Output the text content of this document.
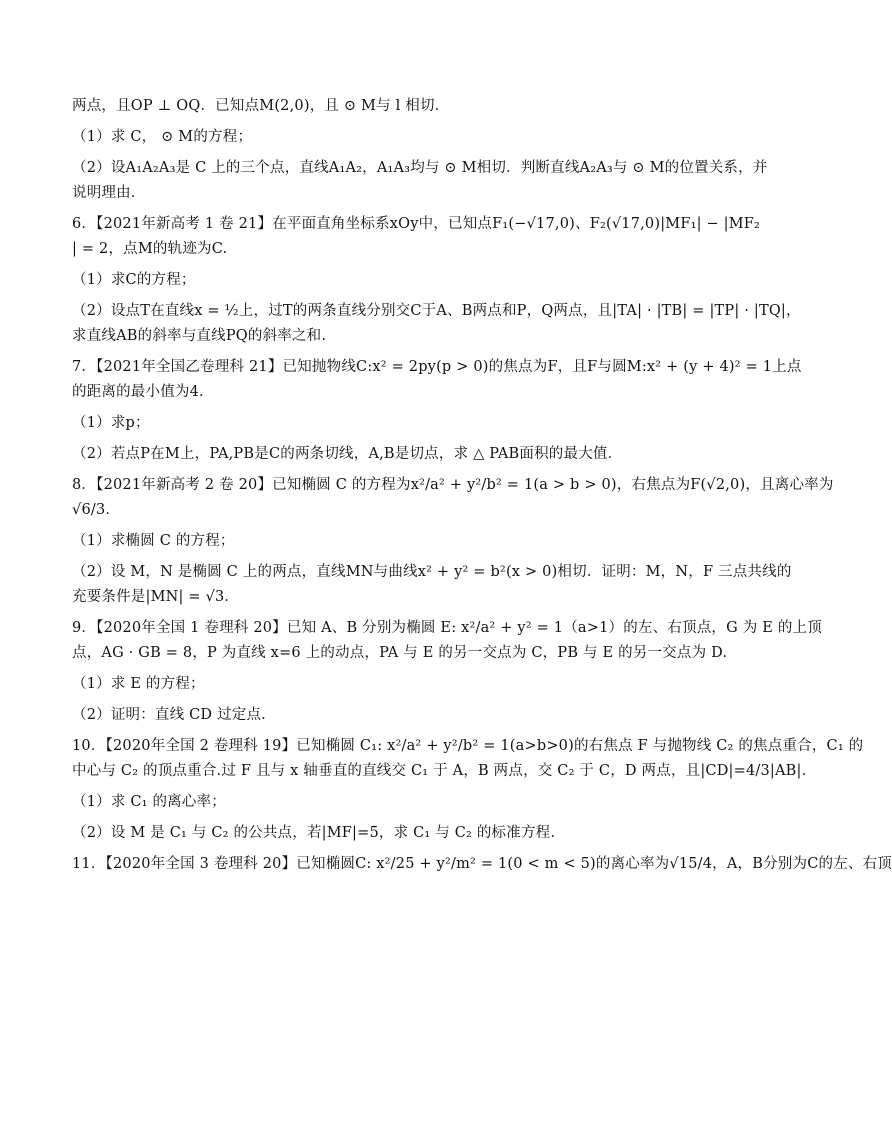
两点，且OP ⊥ OQ．已知点M(2,0)，且 ⊙ M与 l 相切．
（1）求 C， ⊙ M的方程；
（2）设A₁A₂A₃是 C 上的三个点，直线A₁A₂，A₁A₃均与 ⊙ M相切．判断直线A₂A₃与 ⊙ M的位置关系，并
说明理由．
6．【2021年新高考 1 卷 21】在平面直角坐标系xOy中，已知点F₁(−√17,0)、F₂(√17,0)|MF₁| − |MF₂
| = 2，点M的轨迹为C.
（1）求C的方程；
（2）设点T在直线x = ½上，过T的两条直线分别交C于A、B两点和P，Q两点，且|TA| · |TB| = |TP| · |TQ|，
求直线AB的斜率与直线PQ的斜率之和.
7．【2021年全国乙卷理科 21】已知抛物线C:x² = 2py(p > 0)的焦点为F，且F与圆M:x² + (y + 4)² = 1上点
的距离的最小值为4．
（1）求p；
（2）若点P在M上，PA,PB是C的两条切线，A,B是切点，求 △ PAB面积的最大值．
8．【2021年新高考 2 卷 20】已知椭圆 C 的方程为x²/a² + y²/b² = 1(a > b > 0)，右焦点为F(√2,0)，且离心率为
√6/3．
（1）求椭圆 C 的方程；
（2）设 M，N 是椭圆 C 上的两点，直线MN与曲线x² + y² = b²(x > 0)相切．证明：M，N，F 三点共线的
充要条件是|MN| = √3．
9．【2020年全国 1 卷理科 20】已知 A、B 分别为椭圆 E: x²/a² + y² = 1（a>1）的左、右顶点，G 为 E 的上顶
点，AG · GB = 8，P 为直线 x=6 上的动点，PA 与 E 的另一交点为 C，PB 与 E 的另一交点为 D.
（1）求 E 的方程；
（2）证明：直线 CD 过定点.
10．【2020年全国 2 卷理科 19】已知椭圆 C₁: x²/a² + y²/b² = 1(a>b>0)的右焦点 F 与抛物线 C₂ 的焦点重合，C₁ 的
中心与 C₂ 的顶点重合.过 F 且与 x 轴垂直的直线交 C₁ 于 A，B 两点，交 C₂ 于 C，D 两点，且|CD|=4/3|AB|.
（1）求 C₁ 的离心率；
（2）设 M 是 C₁ 与 C₂ 的公共点，若|MF|=5，求 C₁ 与 C₂ 的标准方程.
11．【2020年全国 3 卷理科 20】已知椭圆C: x²/25 + y²/m² = 1(0 < m < 5)的离心率为√15/4，A，B分别为C的左、右顶
